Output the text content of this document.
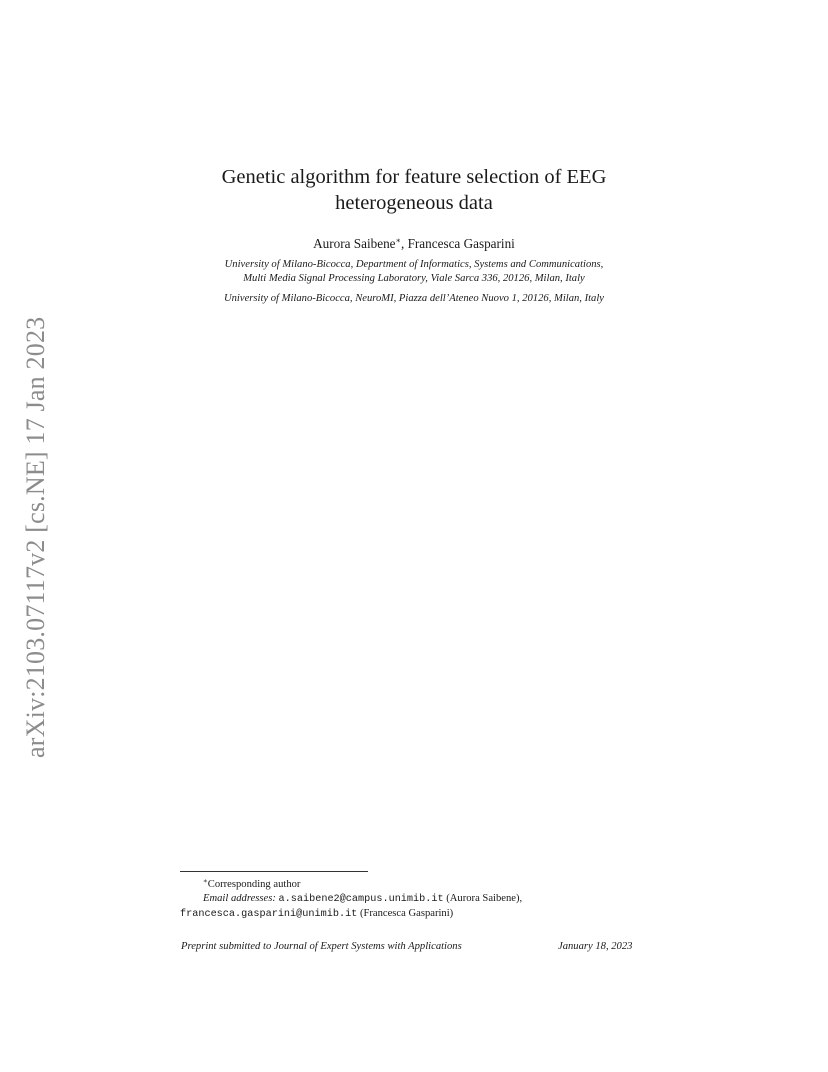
arXiv:2103.07117v2 [cs.NE] 17 Jan 2023
Genetic algorithm for feature selection of EEG
heterogeneous data
Aurora Saibene∗, Francesca Gasparini
University of Milano-Bicocca, Department of Informatics, Systems and Communications,
Multi Media Signal Processing Laboratory, Viale Sarca 336, 20126, Milan, Italy
University of Milano-Bicocca, NeuroMI, Piazza dell’Ateneo Nuovo 1, 20126, Milan, Italy
∗Corresponding author
Email addresses: a.saibene2@campus.unimib.it (Aurora Saibene),
francesca.gasparini@unimib.it (Francesca Gasparini)
Preprint submitted to Journal of Expert Systems with Applications	January 18, 2023
